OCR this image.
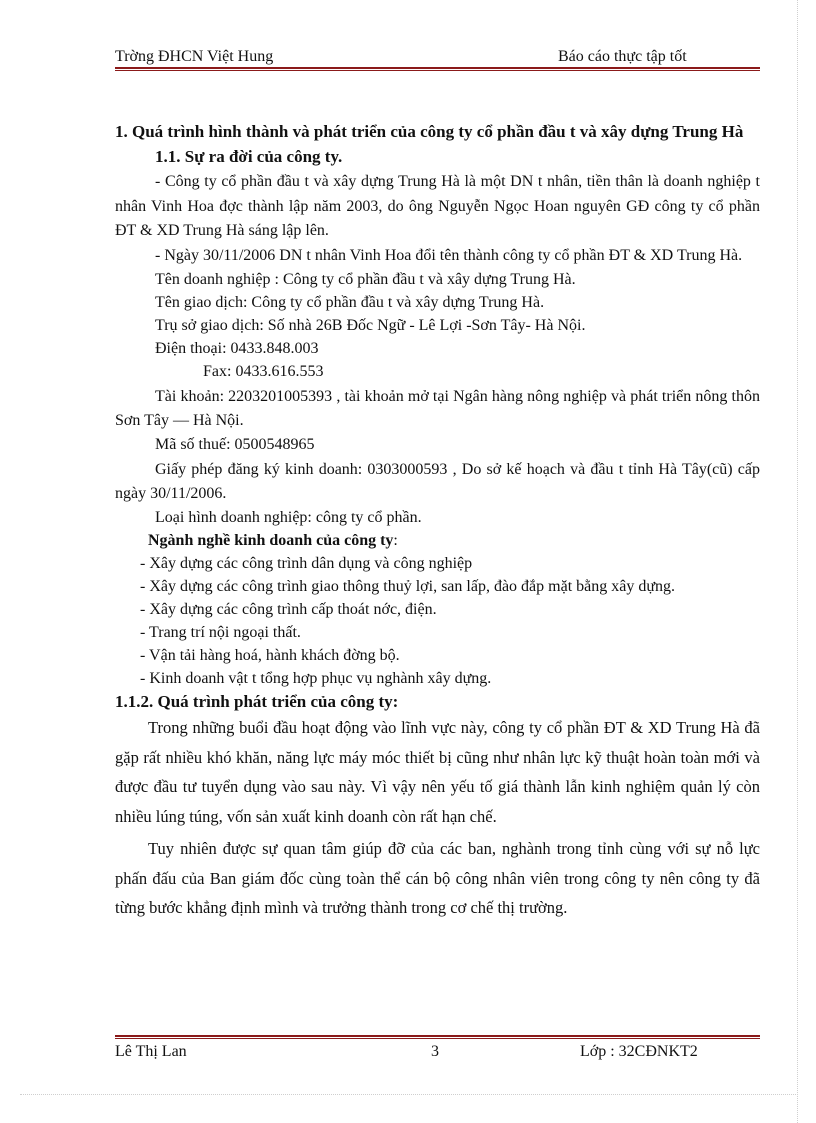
Trờng ĐHCN Việt Hung	Báo cáo thực tập tốt

1. Quá trình hình thành và phát triển của công ty cổ phần đầu t và xây dựng Trung Hà

1.1. Sự ra đời của công ty.

- Công ty cổ phần đầu t và xây dựng Trung Hà là một DN t nhân, tiền thân là doanh nghiệp t nhân Vinh Hoa đợc thành lập năm 2003, do ông Nguyễn Ngọc Hoan nguyên GĐ công ty cổ phần ĐT & XD Trung Hà sáng lập lên.

- Ngày 30/11/2006 DN t nhân Vinh Hoa đổi tên thành công ty cổ phần ĐT & XD Trung Hà.

Tên doanh nghiệp : Công ty cổ phần đầu t và xây dựng Trung Hà.

Tên giao dịch: Công ty cổ phần đầu t và xây dựng Trung Hà.

Trụ sở giao dịch: Số nhà 26B Đốc Ngữ - Lê Lợi -Sơn Tây- Hà Nội.

Điện thoại: 0433.848.003

Fax: 0433.616.553

Tài khoản: 2203201005393 , tài khoản mở tại Ngân hàng nông nghiệp và phát triển nông thôn Sơn Tây — Hà Nội.

Mã số thuế: 0500548965

Giấy phép đăng ký kinh doanh: 0303000593 , Do sở kế hoạch và đầu t tỉnh Hà Tây(cũ) cấp ngày 30/11/2006.

Loại hình doanh nghiệp: công ty cổ phần.

Ngành nghề kinh doanh của công ty:

- Xây dựng các công trình dân dụng và công nghiệp

- Xây dựng các công trình giao thông thuỷ lợi, san lấp, đào đắp mặt bằng xây dựng.

- Xây dựng các công trình cấp thoát nớc, điện.

- Trang trí nội ngoại thất.

- Vận tải hàng hoá, hành khách đờng bộ.

- Kinh doanh vật t tổng hợp phục vụ nghành xây dựng.

1.1.2. Quá trình phát triển của công ty:

Trong những buổi đầu hoạt động vào lĩnh vực này, công ty cổ phần ĐT & XD Trung Hà đã gặp rất nhiều khó khăn, năng lực máy móc thiết bị cũng như nhân lực kỹ thuật hoàn toàn mới và được đầu tư tuyển dụng vào sau này. Vì vậy nên yếu tố giá thành lẫn kinh nghiệm quản lý còn nhiều lúng túng, vốn sản xuất kinh doanh còn rất hạn chế.

Tuy nhiên được sự quan tâm giúp đỡ của các ban, nghành trong tỉnh cùng với sự nỗ lực phấn đấu của Ban giám đốc cùng toàn thể cán bộ công nhân viên trong công ty nên công ty đã từng bước khẳng định mình và trưởng thành trong cơ chế thị trường.

Lê Thị Lan	3	Lớp : 32CĐNKT2
